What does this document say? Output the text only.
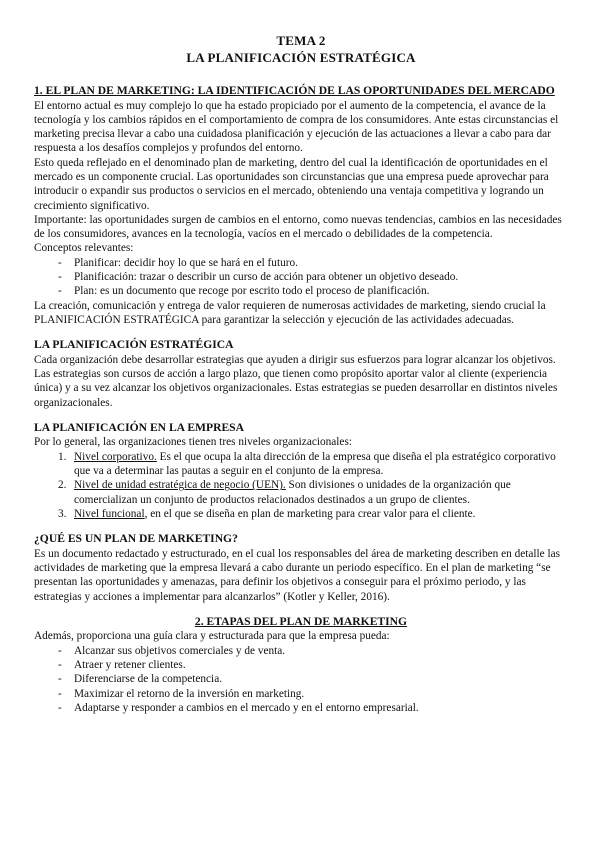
TEMA 2
LA PLANIFICACIÓN ESTRATÉGICA
1. EL PLAN DE MARKETING: LA IDENTIFICACIÓN DE LAS OPORTUNIDADES DEL MERCADO

El entorno actual es muy complejo lo que ha estado propiciado por el aumento de la competencia, el avance de la tecnología y los cambios rápidos en el comportamiento de compra de los consumidores. Ante estas circunstancias el marketing precisa llevar a cabo una cuidadosa planificación y ejecución de las actuaciones a llevar a cabo para dar respuesta a los desafíos complejos y profundos del entorno.

Esto queda reflejado en el denominado plan de marketing, dentro del cual la identificación de oportunidades en el mercado es un componente crucial. Las oportunidades son circunstancias que una empresa puede aprovechar para introducir o expandir sus productos o servicios en el mercado, obteniendo una ventaja competitiva y logrando un crecimiento significativo.

Importante: las oportunidades surgen de cambios en el entorno, como nuevas tendencias, cambios en las necesidades de los consumidores, avances en la tecnología, vacíos en el mercado o debilidades de la competencia.

Conceptos relevantes:

- Planificar: decidir hoy lo que se hará en el futuro.
- Planificación: trazar o describir un curso de acción para obtener un objetivo deseado.
- Plan: es un documento que recoge por escrito todo el proceso de planificación.

La creación, comunicación y entrega de valor requieren de numerosas actividades de marketing, siendo crucial la PLANIFICACIÓN ESTRATÉGICA para garantizar la selección y ejecución de las actividades adecuadas.

LA PLANIFICACIÓN ESTRATÉGICA

Cada organización debe desarrollar estrategias que ayuden a dirigir sus esfuerzos para lograr alcanzar los objetivos. Las estrategias son cursos de acción a largo plazo, que tienen como propósito aportar valor al cliente (experiencia única) y a su vez alcanzar los objetivos organizacionales. Estas estrategias se pueden desarrollar en distintos niveles organizacionales.

LA PLANIFICACIÓN EN LA EMPRESA

Por lo general, las organizaciones tienen tres niveles organizacionales:

1. Nivel corporativo. Es el que ocupa la alta dirección de la empresa que diseña el pla estratégico corporativo que va a determinar las pautas a seguir en el conjunto de la empresa.
2. Nivel de unidad estratégica de negocio (UEN). Son divisiones o unidades de la organización que comercializan un conjunto de productos relacionados destinados a un grupo de clientes.
3. Nivel funcional, en el que se diseña en plan de marketing para crear valor para el cliente.
¿QUÉ ES UN PLAN DE MARKETING?

Es un documento redactado y estructurado, en el cual los responsables del área de marketing describen en detalle las actividades de marketing que la empresa llevará a cabo durante un periodo específico. En el plan de marketing “se presentan las oportunidades y amenazas, para definir los objetivos a conseguir para el próximo periodo, y las estrategias y acciones a implementar para alcanzarlos” (Kotler y Keller, 2016).

2. ETAPAS DEL PLAN DE MARKETING

Además, proporciona una guía clara y estructurada para que la empresa pueda:

- Alcanzar sus objetivos comerciales y de venta.
- Atraer y retener clientes.
- Diferenciarse de la competencia.
- Maximizar el retorno de la inversión en marketing.
- Adaptarse y responder a cambios en el mercado y en el entorno empresarial.
